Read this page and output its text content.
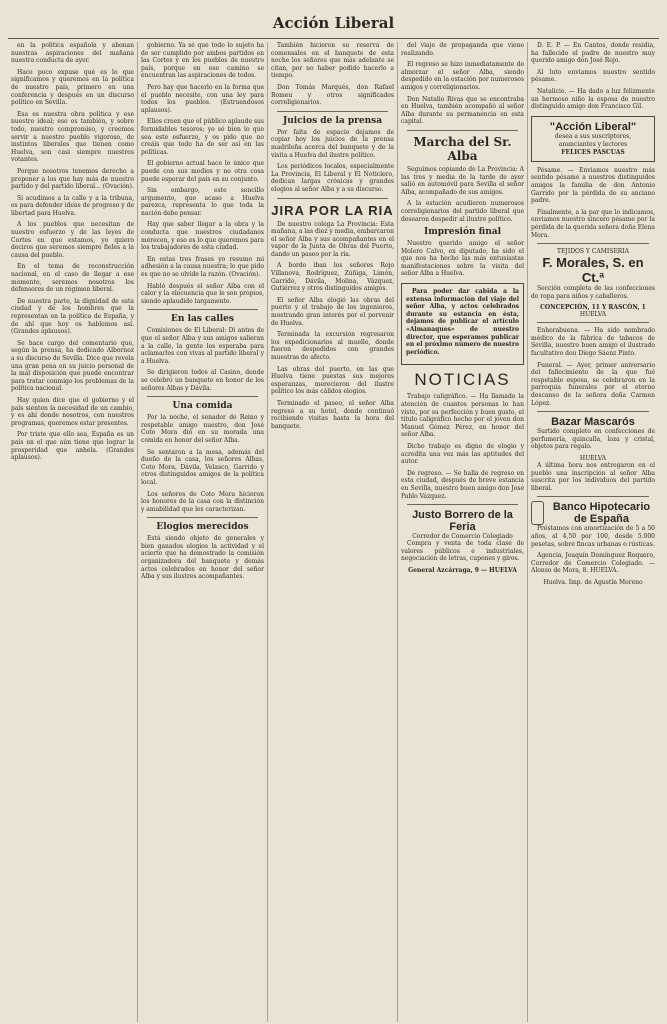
Acción Liberal

en la política española y abonan nuestras aspiraciones del mañana nuestra conducta de ayer.

Hace poco expuse qué es lo que significamos y queremos en la política de nuestro país, primero en una conferencia y después en un discurso político en Sevilla.

Esa es nuestra obra política y ese nuestro ideal; eso es también, y sobre todo, nuestro compromiso, y creemos servir a nuestro pueblo vigoroso, de instintos liberales que tienen como Huelva, son casi siempre nuestros votantes.

Porque nosotros tenemos derecho a proponer a los que hay más de nuestro partido y del partido liberal... (Ovación).

Si acudimos a la calle y a la tribuna, es para defender ideas de progreso y de libertad para Huelva.

A los pueblos que necesitan de nuestro esfuerzo y de las leyes de Cortes en que estamos, yo quiero deciros que seremos siempre fieles a la causa del pueblo.

En el tema de reconstrucción nacional, en el caso de llegar a ese momento, seremos nosotros los defensores de un régimen liberal.

De nuestra parte, la dignidad de esta ciudad y de los hombres que la representan en la política de España, y de ahí que hoy os hablemos así. (Grandes aplausos).

Se hace cargo del comentario que, según la prensa, ha dedicado Albornoz a su discurso de Sevilla. Dice que revela una gran pena en su juicio personal de la mal disposición que puede encontrar para tratar conmigo los problemas de la política nacional.

Hay quien dice que el gobierno y el país sienten la necesidad de un cambio, y es ahí donde nosotros, con nuestros programas, queremos estar presentes.

Por triste que ello sea, España es un país en el que aún tiene que lograr la prosperidad que anhela. (Grandes aplausos).

gobierno. Ya sé que todo lo sujeto ha de ser cumplido por ambos partidos en las Cortes y en los pueblos de nuestro país, porque en ese camino se encuentran las aspiraciones de todos.

Pero hay que hacerlo en la forma que el pueblo necesite, con una ley para todos los pueblos. (Estruendosos aplausos).

Ellos creen que el público aplaude sus formidables tesoros; yo sé bien lo que sea este esfuerzo, y os pido que no creáis que todo ha de ser así en las políticas.

El gobierno actual hace lo único que puede con sus medios y no otra cosa puede esperar del país en su conjunto.

Sin embargo, este sencillo argumento, que acaso a Huelva parezca, representa lo que toda la nación debe pensar.

Hay que saber llegar a la obra y la conducta que nuestros ciudadanos merecen, y eso es lo que queremos para los trabajadores de esta ciudad.

En estas tres frases yo resumo mi adhesión a la causa nuestra; lo que pido es que no se olvide la razón. (Ovación).

Habló después el señor Alba con el calor y la elocuencia que le son propios, siendo aplaudido largamente.

En las calles

Comisiones de El Liberal: Di antes de que el señor Alba y sus amigos salieran a la calle, la gente los esperaba para aclamarlos con vivas al partido liberal y a Huelva.

Se dirigieron todos al Casino, donde se celebró un banquete en honor de los señores Albas y Dávila.

Una comida

Por la noche, el senador de Reino y respetable amigo nuestro, don José Coto Mora dió en su morada una comida en honor del señor Alba.

Se sentaron a la mesa, además del dueño de la casa, los señores Albas, Coto Mora, Dávila, Velasco, Garrido y otros distinguidos amigos de la política local.

Los señores de Coto Mora hicieron los honores de la casa con la distinción y amabilidad que les caracterizan.

Elogios merecidos

Está siendo objeto de generales y bien ganados elogios la actividad y el acierto que ha demostrado la comisión organizadora del banquete y demás actos celebrados en honor del señor Alba y sus ilustres acompañantes.

También hicieron su reserva de comensales en el banquete de esta noche los señores que más adelante se citan, por no haber podido hacerlo a tiempo.

Don Tomás Marqués, don Rafael Romeu y otros significados correligionarios.

Juicios de la prensa

Por falta de espacio dejamos de copiar hoy los juicios de la prensa madrileña acerca del banquete y de la visita a Huelva del ilustre político.

Los periódicos locales, especialmente La Provincia, El Liberal y El Noticiero, dedican largas crónicas y grandes elogios al señor Alba y a su discurso.

JIRA POR LA RIA

De nuestro colega La Provincia: Esta mañana, a las diez y media, embarcaron el señor Alba y sus acompañantes en el vapor de la Junta de Obras del Puerto, dando un paseo por la ría.

A bordo iban los señores Rojo Villanova, Rodríguez, Zúñiga, Limón, Garrido, Dávila, Molina, Vázquez, Gutiérrez y otros distinguidos amigos.

El señor Alba elogió las obras del puerto y el trabajo de los ingenieros, mostrando gran interés por el porvenir de Huelva.

Terminada la excursión regresaron los expedicionarios al muelle, donde fueron despedidos con grandes muestras de afecto.

Las obras del puerto, en las que Huelva tiene puestas sus mejores esperanzas, merecieron del ilustre político los más cálidos elogios.

Terminado el paseo, el señor Alba regresó a su hotel, donde continuó recibiendo visitas hasta la hora del banquete.

del viaje de propaganda que viene realizando.

El regreso se hizo inmediatamente de almorzar el señor Alba, siendo despedido en la estación por numerosos amigos y correligionarios.

Don Natalio Rivas que se encontraba en Huelva, también acompañó al señor Alba durante su permanencia en esta capital.

Marcha del Sr. Alba

Seguimos copiando de La Provincia: A las tres y media de la tarde de ayer salió en automóvil para Sevilla el señor Alba, acompañado de sus amigos.

A la estación acudieron numerosos correligionarios del partido liberal que desearon despedir al ilustre político.

Impresión final

Nuestro querido amigo el señor Molero Calvo, ex diputado, ha sido el que nos ha hecho las más entusiastas manifestaciones sobre la visita del señor Alba a Huelva.

Para poder dar cabida a la extensa información del viaje del señor Alba, y actos celebrados durante su estancia en ésta, dejamos de publicar el artículo «Almanaques» de nuestro director, que esperamos publicar en el próximo número de nuestro periódico.

NOTICIAS

Trabajo caligráfico. — Ha llamado la atención de cuantos personas lo han visto, por su perfección y buen gusto, el título caligráfico hecho por el joven don Manuel Gómez Pérez, en honor del señor Alba.

Dicho trabajo es digno de elogio y acredita una vez más las aptitudes del autor.

De regreso. — Se halla de regreso en esta ciudad, después de breve estancia en Sevilla, nuestro buen amigo don José Pablo Vázquez.

Justo Borrero de la Feria
Corredor de Comercio Colegiado

Compra y venta de toda clase de valores públicos e industriales, negociación de letras, cupones y giros.

General Azcárraga, 9 — HUELVA

D. E. P. — En Cantos, donde residía, ha fallecido el padre de nuestro muy querido amigo don José Rojo.

Al luto enviamos nuestro sentido pésame.

Natalicio. — Ha dado a luz felizmente un hermoso niño la esposa de nuestro distinguido amigo don Francisco Gil.

"Acción Liberal"
desea a sus suscriptores, anunciantes y lectores
FELICES PASCUAS

Pésame. — Enviamos nuestro más sentido pésame a nuestros distinguidos amigos la familia de don Antonio Garrido por la pérdida de su anciano padre.

Finalmente, a la par que lo indicamos, enviamos nuestro sincero pésame por la pérdida de la querida señora doña Elena Mora.

TEJIDOS Y CAMISERIA
F. Morales, S. en Ct.ª

Sección completa de las confecciones de ropa para niños y caballeros.

CONCEPCIÓN, 11 Y RASCÓN, 1
HUELVA

Enhorabuena. — Ha sido nombrado médico de la fábrica de tabacos de Sevilla, nuestro buen amigo el ilustrado facultativo don Diego Sáenz Pinto.

Funeral. — Ayer, primer aniversario del fallecimiento de la que fué respetable esposa, se celebraron en la parroquia funerales por el eterno descanso de la señora doña Carmen López.

Bazar Mascarós

Surtido completo en confecciones de perfumería, quincalla, loza y cristal, objetos para regalo.

HUELVA

A última hora nos entregaron en el pueblo una inscripción al señor Alba suscrita por los individuos del partido liberal.

Banco Hipotecario de España

Préstamos con amortización de 5 a 50 años, al 4,50 por 100, desde 5.000 pesetas, sobre fincas urbanas o rústicas.

Agencia, Joaquín Domínguez Roquero, Corredor de Comercio Colegiado. — Alonso de Mora, 8. HUELVA.

Huelva. Imp. de Agustín Moreno
